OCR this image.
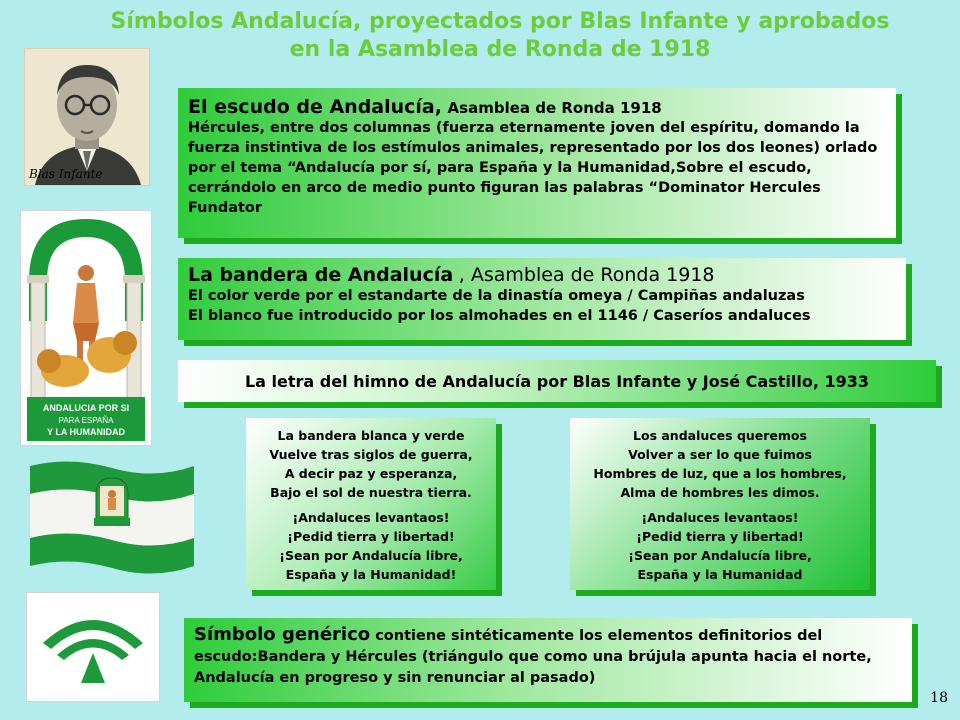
Símbolos Andalucía, proyectados por Blas Infante y aprobados
en la Asamblea de Ronda de 1918
Blas Infante
ANDALUCIA POR SI
PARA ESPAÑA
Y LA HUMANIDAD
El escudo de Andalucía, Asamblea de Ronda 1918
Hércules, entre dos columnas (fuerza eternamente joven del espíritu, domando la fuerza instintiva de los estímulos animales, representado por los dos leones) orlado por el tema “Andalucía por sí, para España y la Humanidad,Sobre el escudo, cerrándolo en arco de medio punto figuran las palabras “Dominator Hercules Fundator
La bandera de Andalucía , Asamblea de Ronda 1918
El color verde por el estandarte de la dinastía omeya / Campiñas andaluzas
El blanco fue introducido por los almohades en el 1146 / Caseríos andaluces
La letra del himno de Andalucía por Blas Infante y José Castillo, 1933
La bandera blanca y verde
Vuelve tras siglos de guerra,
A decir paz y esperanza,
Bajo el sol de nuestra tierra.
¡Andaluces levantaos!
¡Pedid tierra y libertad!
¡Sean por Andalucía libre,
España y la Humanidad!
Los andaluces queremos
Volver a ser lo que fuimos
Hombres de luz, que a los hombres,
Alma de hombres les dimos.
¡Andaluces levantaos!
¡Pedid tierra y libertad!
¡Sean por Andalucía libre,
España y la Humanidad
Símbolo genérico contiene sintéticamente los elementos definitorios del escudo:Bandera y Hércules (triángulo que como una brújula apunta hacia el norte, Andalucía en progreso y sin renunciar al pasado)
18
